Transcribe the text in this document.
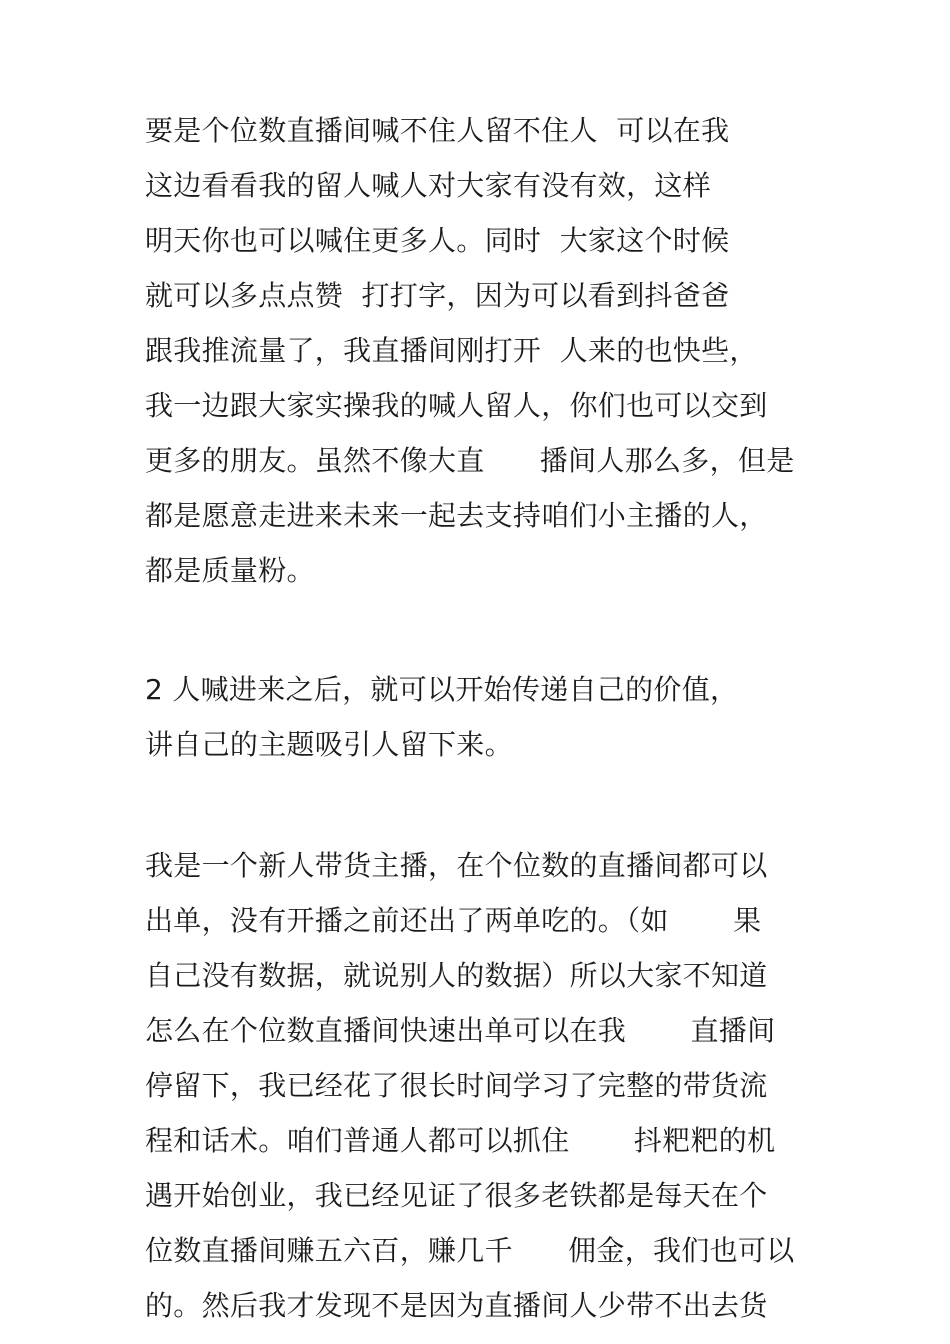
要是个位数直播间喊不住人留不住人  可以在我
这边看看我的留人喊人对大家有没有效，这样
明天你也可以喊住更多人。同时  大家这个时候
就可以多点点赞  打打字，因为可以看到抖爸爸
跟我推流量了，我直播间刚打开  人来的也快些，
我一边跟大家实操我的喊人留人，你们也可以交到
更多的朋友。虽然不像大直      播间人那么多，但是
都是愿意走进来未来一起去支持咱们小主播的人，
都是质量粉。
2 人喊进来之后，就可以开始传递自己的价值，
讲自己的主题吸引人留下来。
我是一个新人带货主播，在个位数的直播间都可以
出单，没有开播之前还出了两单吃的。（如       果
自己没有数据，就说别人的数据）所以大家不知道
怎么在个位数直播间快速出单可以在我       直播间
停留下，我已经花了很长时间学习了完整的带货流
程和话术。咱们普通人都可以抓住       抖粑粑的机
遇开始创业，我已经见证了很多老铁都是每天在个
位数直播间赚五六百，赚几千      佣金，我们也可以
的。然后我才发现不是因为直播间人少带不出去货
